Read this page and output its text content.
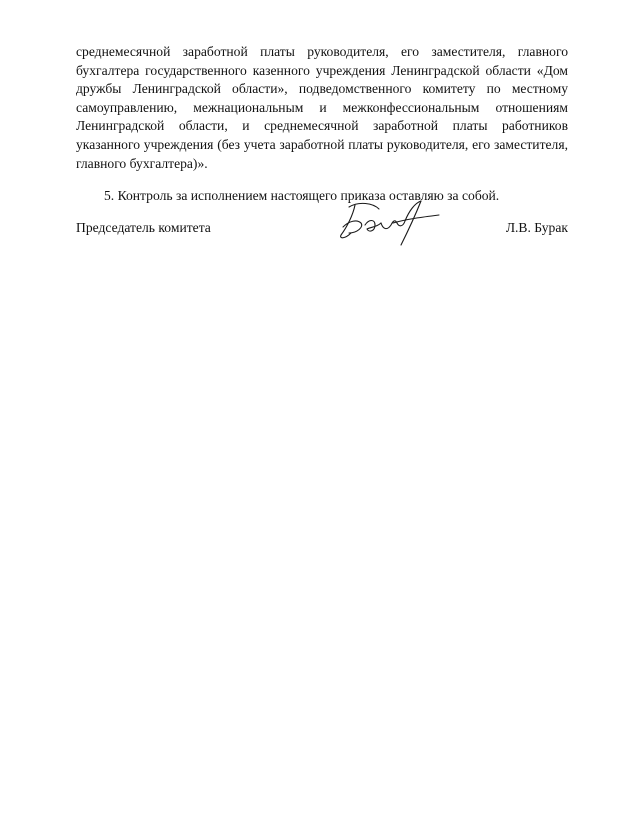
среднемесячной заработной платы руководителя, его заместителя, главного бухгалтера государственного казенного учреждения Ленинградской области «Дом дружбы Ленинградской области», подведомственного комитету по местному самоуправлению, межнациональным и межконфессиональным отношениям Ленинградской области, и среднемесячной заработной платы работников указанного учреждения (без учета заработной платы руководителя, его заместителя, главного бухгалтера)».

5. Контроль за исполнением настоящего приказа оставляю за собой.

Председатель комитета	Л.В. Бурак
